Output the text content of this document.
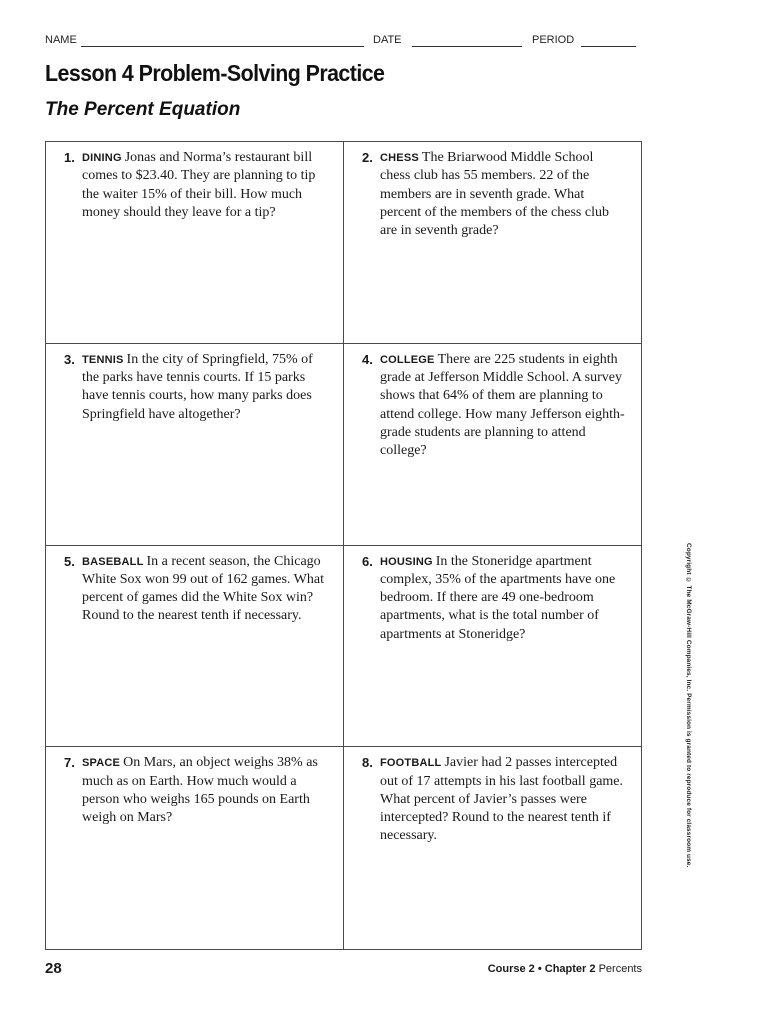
NAME	DATE	PERIOD
Lesson 4 Problem-Solving Practice
The Percent Equation
1. DINING Jonas and Norma’s restaurant bill comes to $23.40. They are planning to tip the waiter 15% of their bill. How much money should they leave for a tip?
2. CHESS The Briarwood Middle School chess club has 55 members. 22 of the members are in seventh grade. What percent of the members of the chess club are in seventh grade?
3. TENNIS In the city of Springfield, 75% of the parks have tennis courts. If 15 parks have tennis courts, how many parks does Springfield have altogether?
4. COLLEGE There are 225 students in eighth grade at Jefferson Middle School. A survey shows that 64% of them are planning to attend college. How many Jefferson eighth-grade students are planning to attend college?
5. BASEBALL In a recent season, the Chicago White Sox won 99 out of 162 games. What percent of games did the White Sox win? Round to the nearest tenth if necessary.
6. HOUSING In the Stoneridge apartment complex, 35% of the apartments have one bedroom. If there are 49 one-bedroom apartments, what is the total number of apartments at Stoneridge?
7. SPACE On Mars, an object weighs 38% as much as on Earth. How much would a person who weighs 165 pounds on Earth weigh on Mars?
8. FOOTBALL Javier had 2 passes intercepted out of 17 attempts in his last football game. What percent of Javier’s passes were intercepted? Round to the nearest tenth if necessary.	Copyright © The McGraw-Hill Companies, Inc. Permission is granted to reproduce for classroom use.
28	Course 2 • Chapter 2 Percents
